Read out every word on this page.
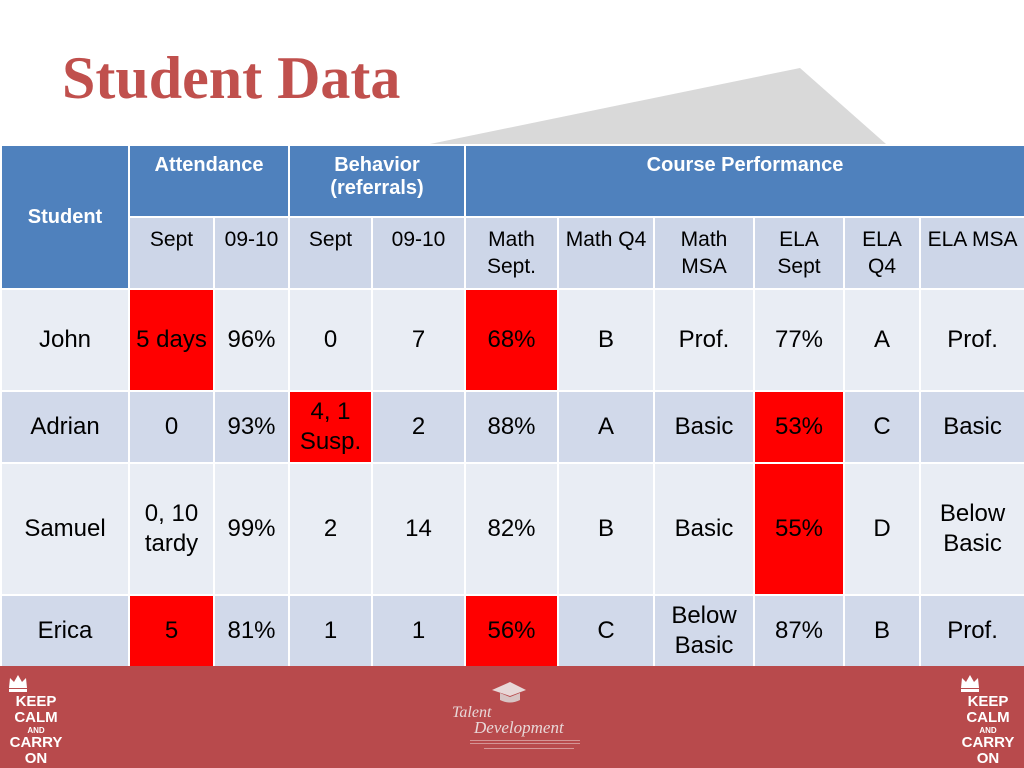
Student Data
Student	Attendance		Behavior (referrals)		Course Performance					
	Sept	09-10	Sept	09-10	Math Sept.	Math Q4	Math MSA	ELA Sept	ELA Q4	ELA MSA
John	5 days	96%	0	7	68%	B	Prof.	77%	A	Prof.
Adrian	0	93%	4, 1 Susp.	2	88%	A	Basic	53%	C	Basic
Samuel	0, 10 tardy	99%	2	14	82%	B	Basic	55%	D	Below Basic
Erica	5	81%	1	1	56%	C	Below Basic	87%	B	Prof.
KEEP
CALM
AND
CARRY
ON
Talent
Development
KEEP
CALM
AND
CARRY
ON
